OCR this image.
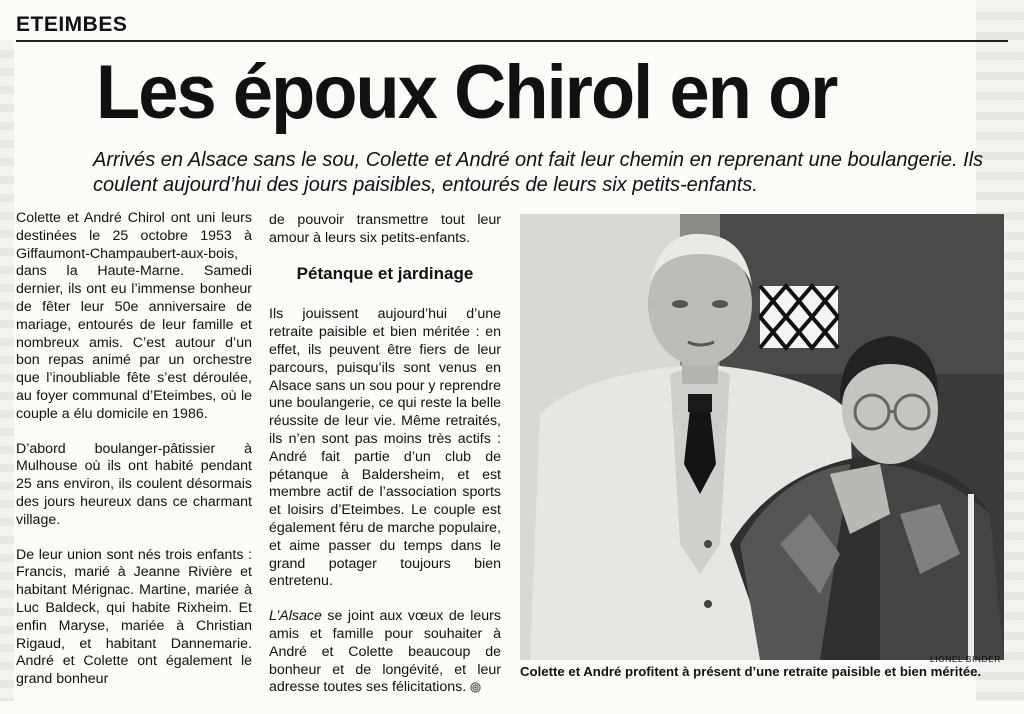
ETEIMBES
Les époux Chirol en or
Arrivés en Alsace sans le sou, Colette et André ont fait leur chemin en reprenant une boulangerie. Ils coulent aujourd’hui des jours paisibles, entourés de leurs six petits-enfants.

Colette et André Chirol ont uni leurs destinées le 25 octobre 1953 à Giffaumont-Champaubert-aux-bois, dans la Haute-Marne. Samedi dernier, ils ont eu l’immense bonheur de fêter leur 50e anniversaire de mariage, entourés de leur famille et nombreux amis. C’est autour d’un bon repas animé par un orchestre que l’inoubliable fête s’est déroulée, au foyer communal d’Eteimbes, où le couple a élu domicile en 1986.

D’abord boulanger-pâtissier à Mulhouse où ils ont habité pendant 25 ans environ, ils coulent désormais des jours heureux dans ce charmant village.

De leur union sont nés trois enfants : Francis, marié à Jeanne Rivière et habitant Mérignac. Martine, mariée à Luc Baldeck, qui habite Rixheim. Et enfin Maryse, mariée à Christian Rigaud, et habitant Dannemarie. André et Colette ont également le grand bonheur

de pouvoir transmettre tout leur amour à leurs six petits-enfants.

Pétanque et jardinage

Ils jouissent aujourd’hui d’une retraite paisible et bien méritée : en effet, ils peuvent être fiers de leur parcours, puisqu’ils sont venus en Alsace sans un sou pour y reprendre une boulangerie, ce qui reste la belle réussite de leur vie. Même retraités, ils n’en sont pas moins très actifs : André fait partie d’un club de pétanque à Baldersheim, et est membre actif de l’association sports et loisirs d’Eteimbes. Le couple est également féru de marche populaire, et aime passer du temps dans le grand potager toujours bien entretenu.

L’Alsace se joint aux vœux de leurs amis et famille pour souhaiter à André et Colette beaucoup de bonheur et de longévité, et leur adresse toutes ses félicitations.

LIONEL BINDER
Colette et André profitent à présent d’une retraite paisible et bien méritée.
